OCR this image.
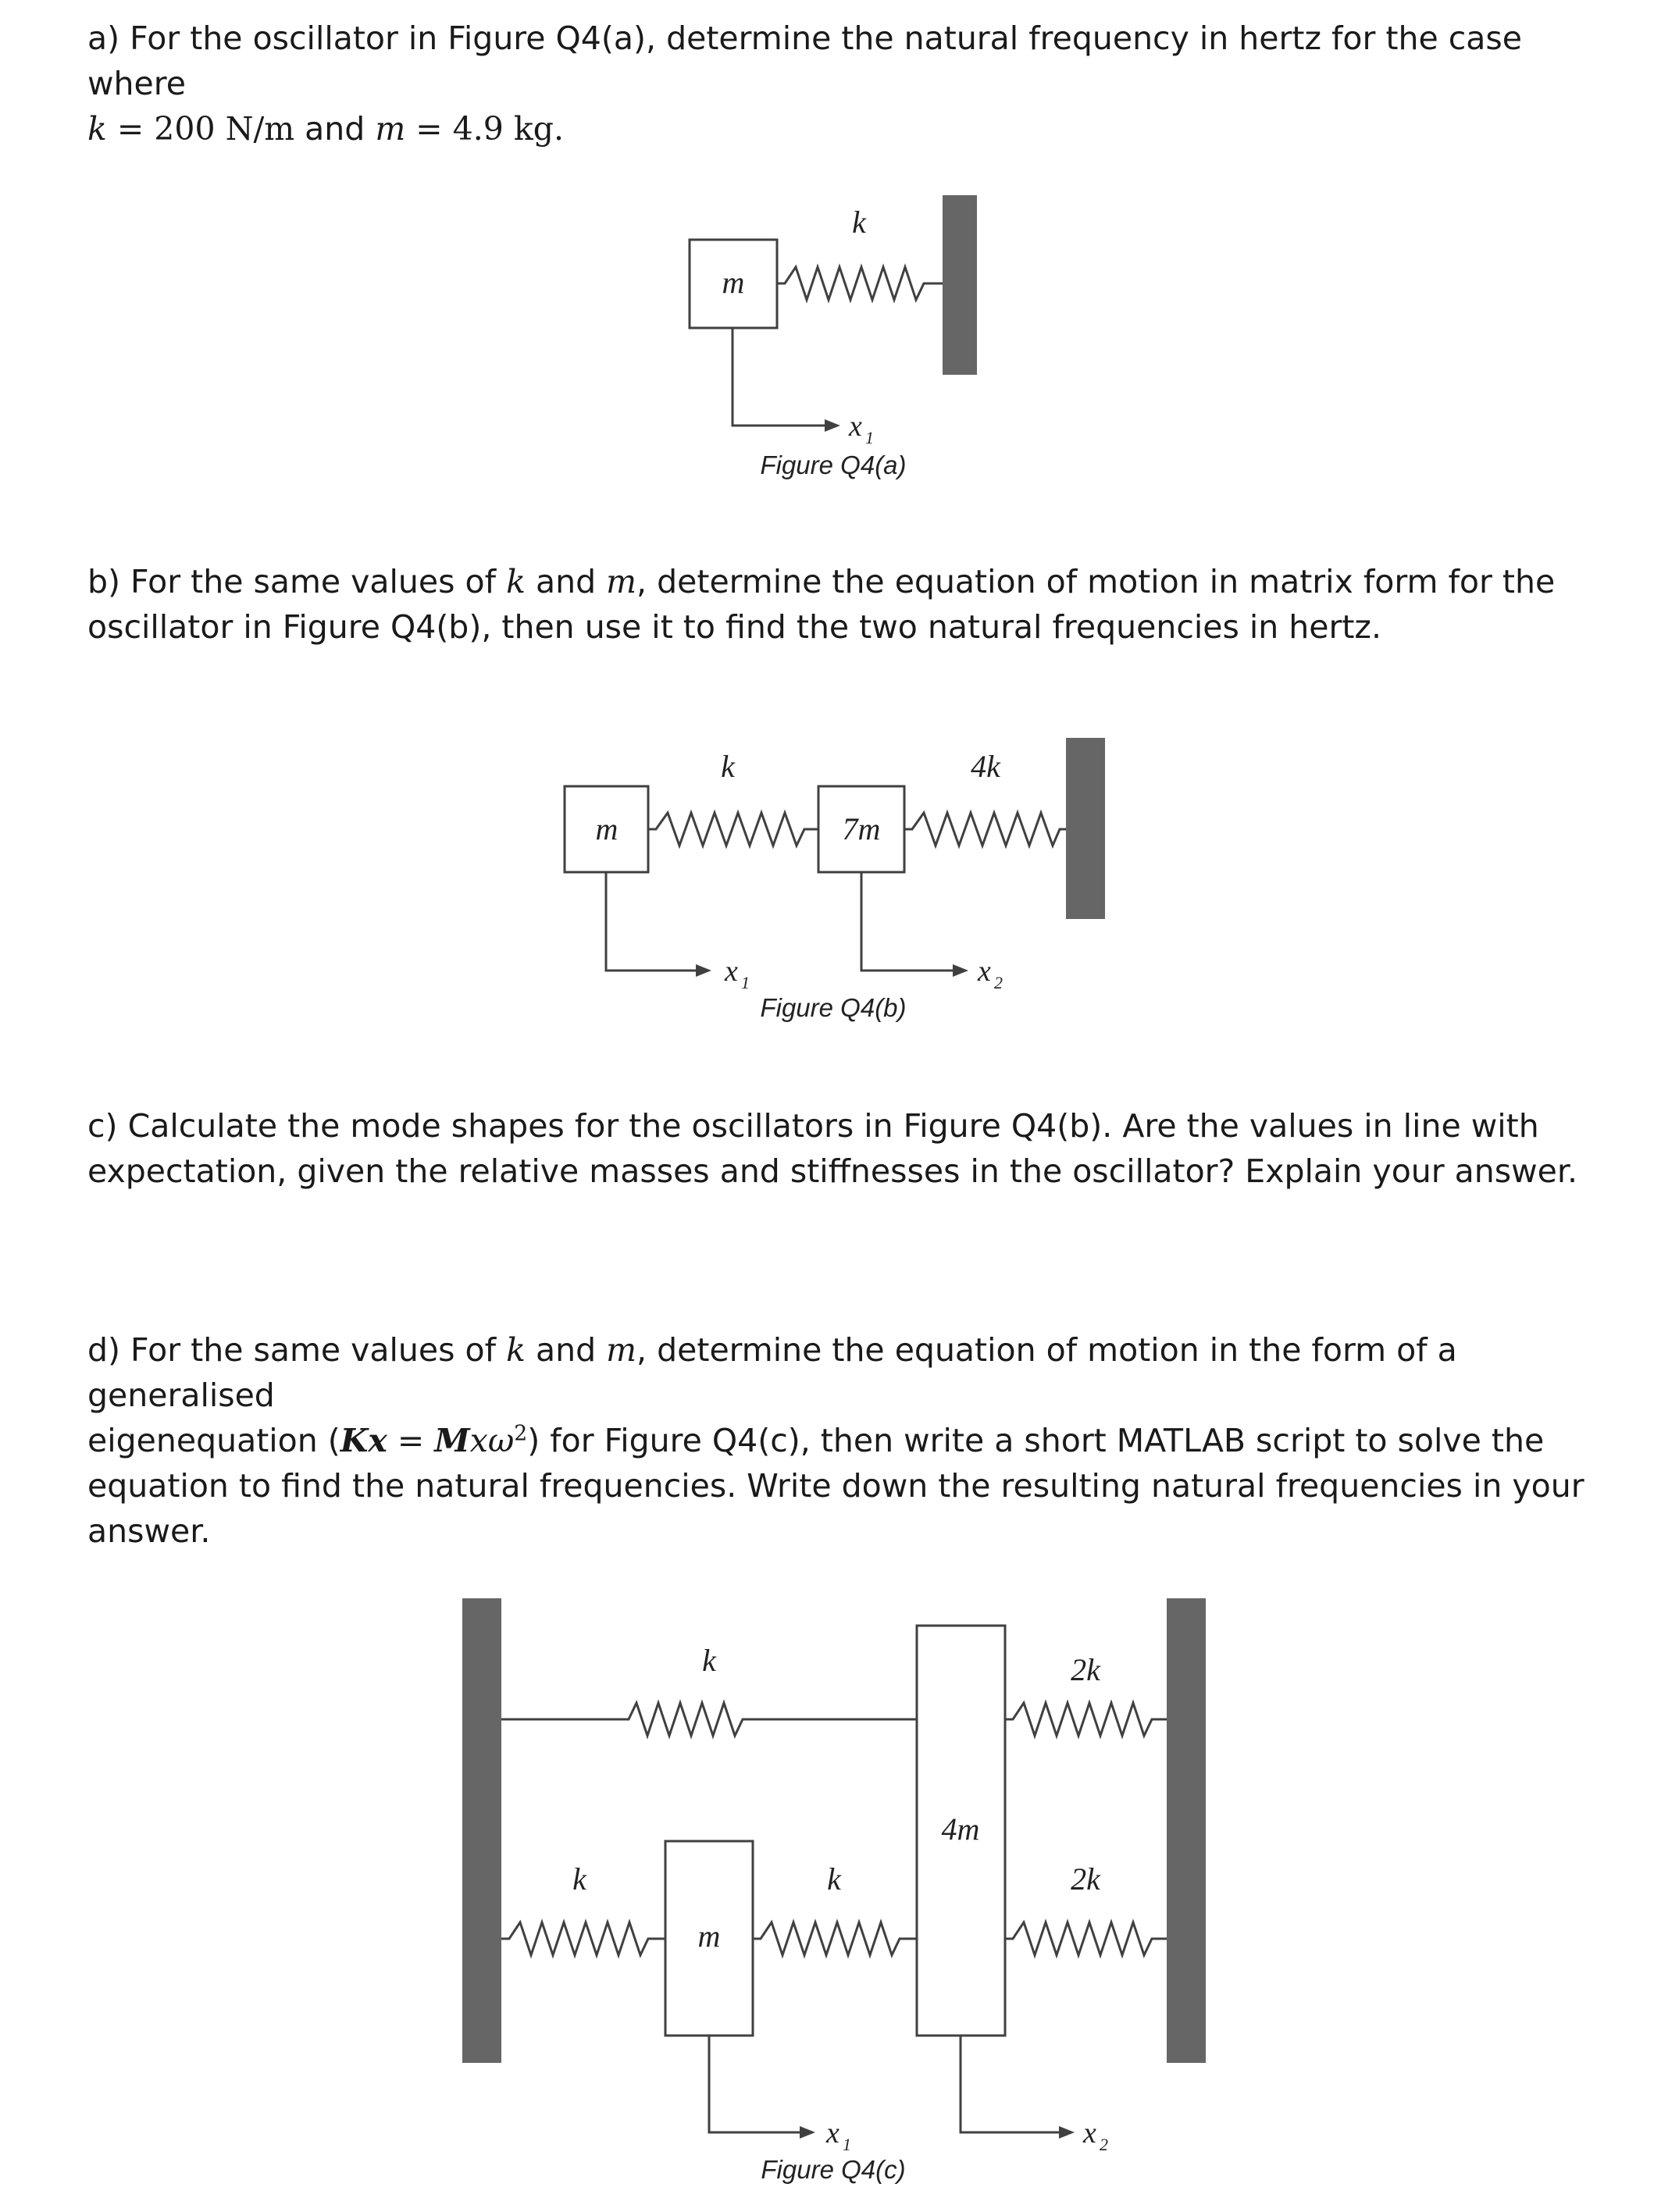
a) For the oscillator in Figure Q4(a), determine the natural frequency in hertz for the case where

k = 200 N/m and m = 4.9 kg.

b) For the same values of k and m, determine the equation of motion in matrix form for the

oscillator in Figure Q4(b), then use it to find the two natural frequencies in hertz.

c) Calculate the mode shapes for the oscillators in Figure Q4(b). Are the values in line with

expectation, given the relative masses and stiffnesses in the oscillator? Explain your answer.

d) For the same values of k and m, determine the equation of motion in the form of a generalised

eigenequation (Kx = Mxω$^2$) for Figure Q4(c), then write a short MATLAB script to solve the

equation to find the natural frequencies. Write down the resulting natural frequencies in your

answer.

k
m
x 1
Figure Q4(a)
k	4k
m	7m
x 1	x 2
Figure Q4(b)
k	2k
4m
k	k	2k
m
x 1	x 2
Figure Q4(c)
